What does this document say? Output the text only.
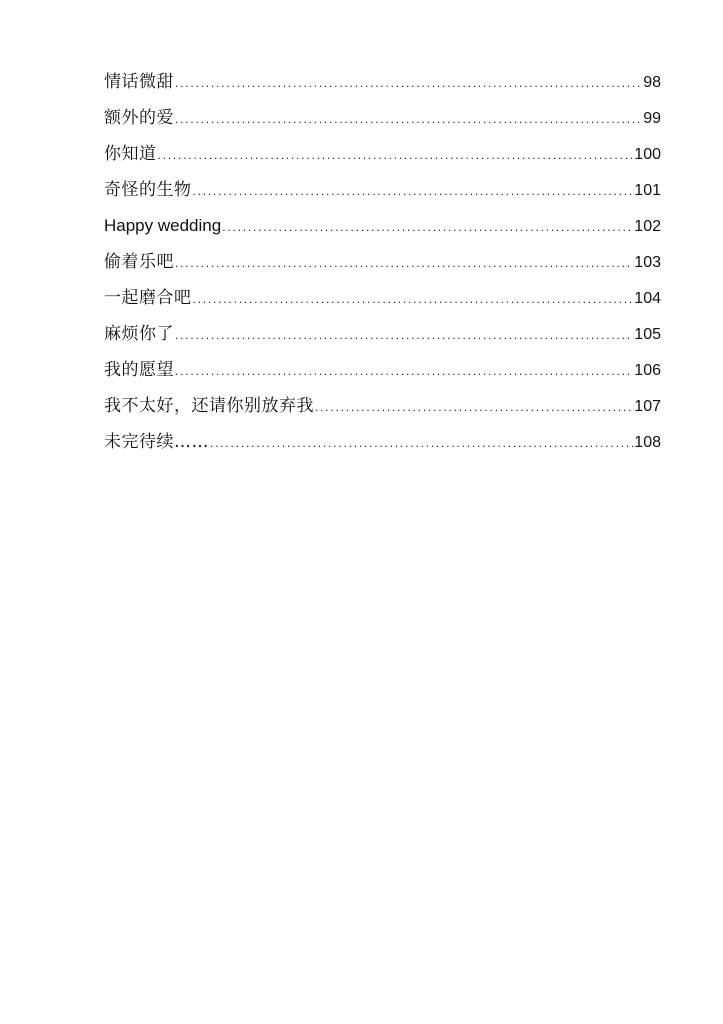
情话微甜 .....	98
额外的爱 .....	99
你知道 .....	100
奇怪的生物 .....	101
Happy wedding .....	102
偷着乐吧 .....	103
一起磨合吧 .....	104
麻烦你了 .....	105
我的愿望 .....	106
我不太好，还请你别放弃我 .....	107
未完待续…… .....	108
